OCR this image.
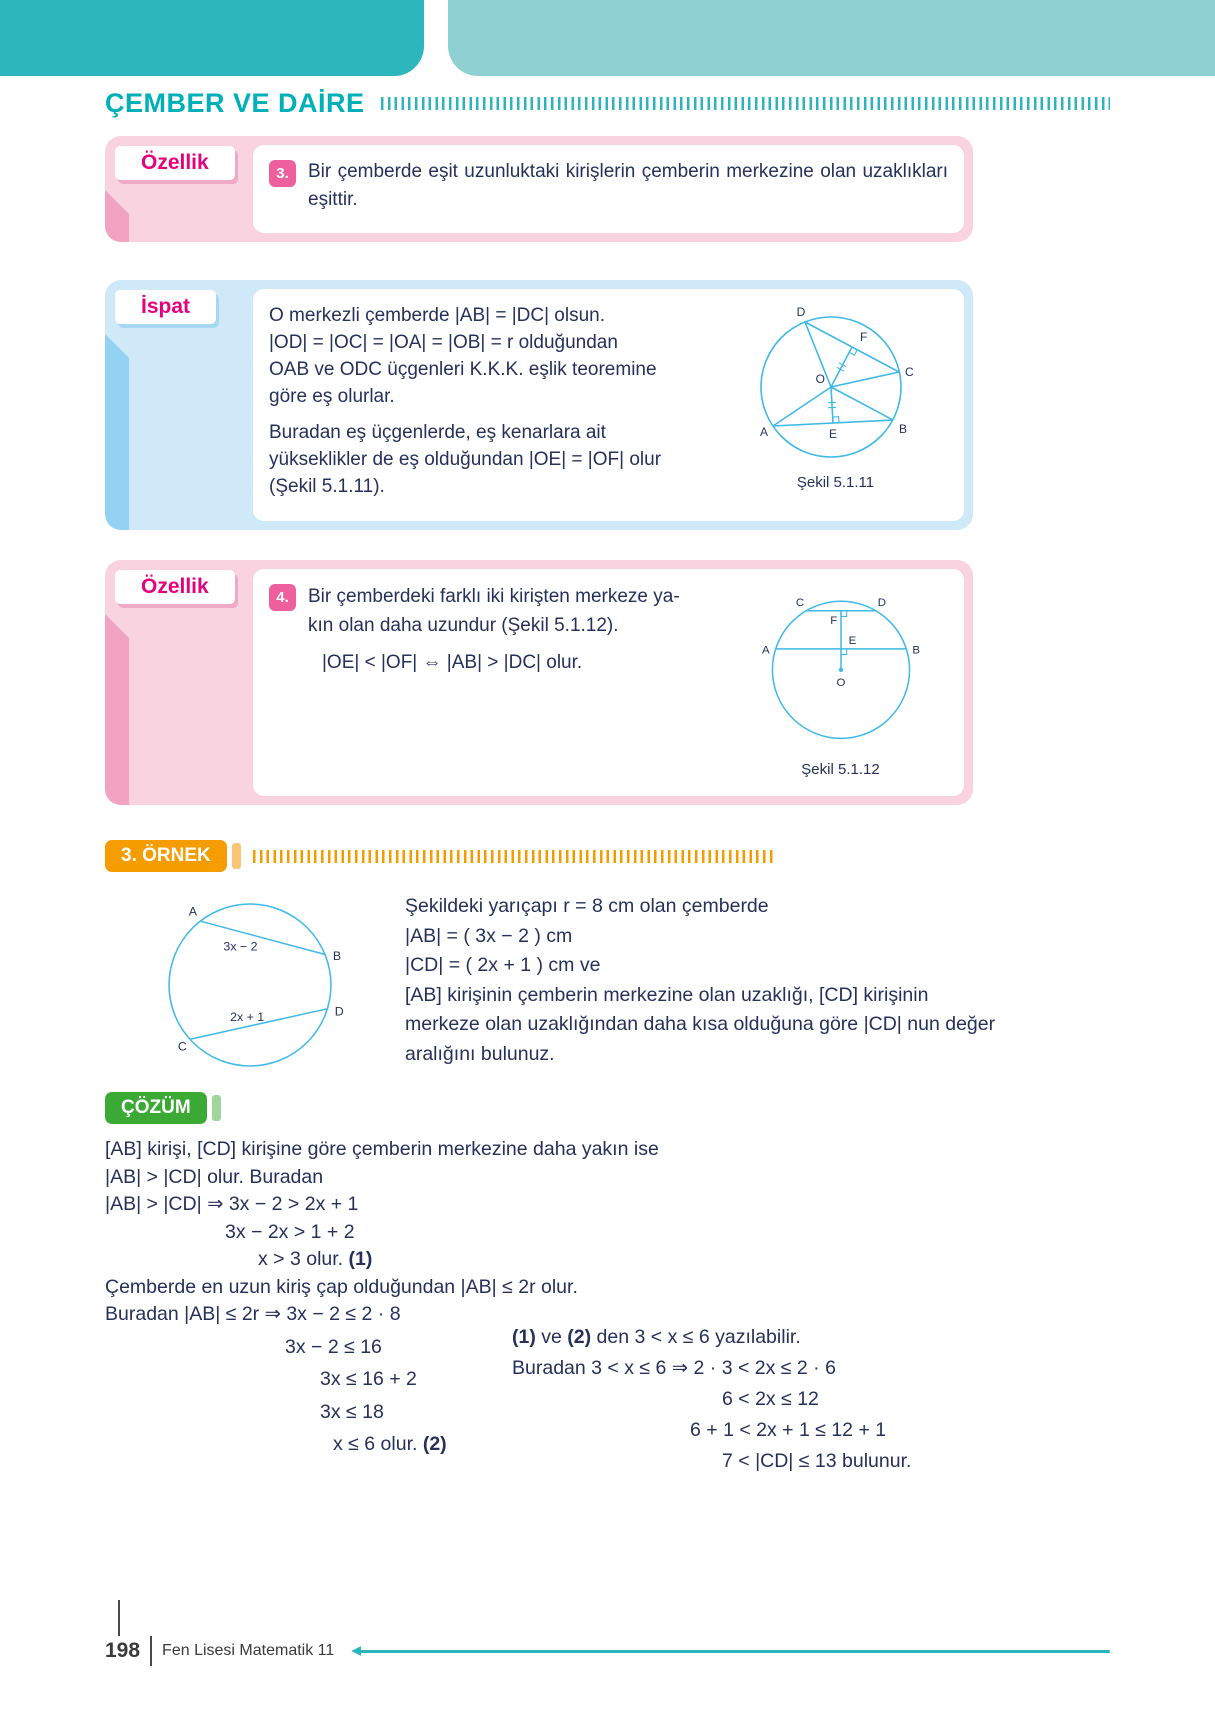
ÇEMBER VE DAİRE
Özellik	3.	Bir çemberde eşit uzunluktaki kirişlerin çemberin merkezine olan uzaklıkları eşittir.

İspat	O merkezli çemberde |AB| = |DC| olsun.
|OD| = |OC| = |OA| = |OB| = r olduğundan
OAB ve ODC üçgenleri K.K.K. eşlik teoremine
göre eş olurlar.
Buradan eş üçgenlerde, eş kenarlara ait
yükseklikler de eş olduğundan |OE| = |OF| olur
(Şekil 5.1.11).
D
F
C
O
A	E	B
Şekil 5.1.11
Özellik	4.	Bir çemberdeki farklı iki kirişten merkeze ya-
kın olan daha uzundur (Şekil 5.1.12).
|OE| < |OF| ⇔ |AB| > |DC| olur.
C	D
F
E
A	B
O
Şekil 5.1.12
3. ÖRNEK
A
B
C
D
3x − 2
2x + 1
Şekildeki yarıçapı r = 8 cm olan çemberde
|AB| = ( 3x − 2 ) cm
|CD| = ( 2x + 1 ) cm ve
[AB] kirişinin çemberin merkezine olan uzaklığı, [CD] kirişinin
merkeze olan uzaklığından daha kısa olduğuna göre |CD| nun değer
aralığını bulunuz.
ÇÖZÜM
[AB] kirişi, [CD] kirişine göre çemberin merkezine daha yakın ise
|AB| > |CD| olur. Buradan
|AB| > |CD| ⇒ 3x − 2 > 2x + 1
3x − 2x > 1 + 2
x > 3 olur. (1)
Çemberde en uzun kiriş çap olduğundan |AB| ≤ 2r olur.
Buradan |AB| ≤ 2r ⇒ 3x − 2 ≤ 2 · 8
3x − 2 ≤ 16
3x ≤ 16 + 2
3x ≤ 18
x ≤ 6 olur. (2)
(1) ve (2) den 3 < x ≤ 6 yazılabilir.
Buradan 3 < x ≤ 6 ⇒ 2 · 3 < 2x ≤ 2 · 6
6 < 2x ≤ 12
6 + 1 < 2x + 1 ≤ 12 + 1
7 < |CD| ≤ 13 bulunur.
198 Fen Lisesi Matematik 11
